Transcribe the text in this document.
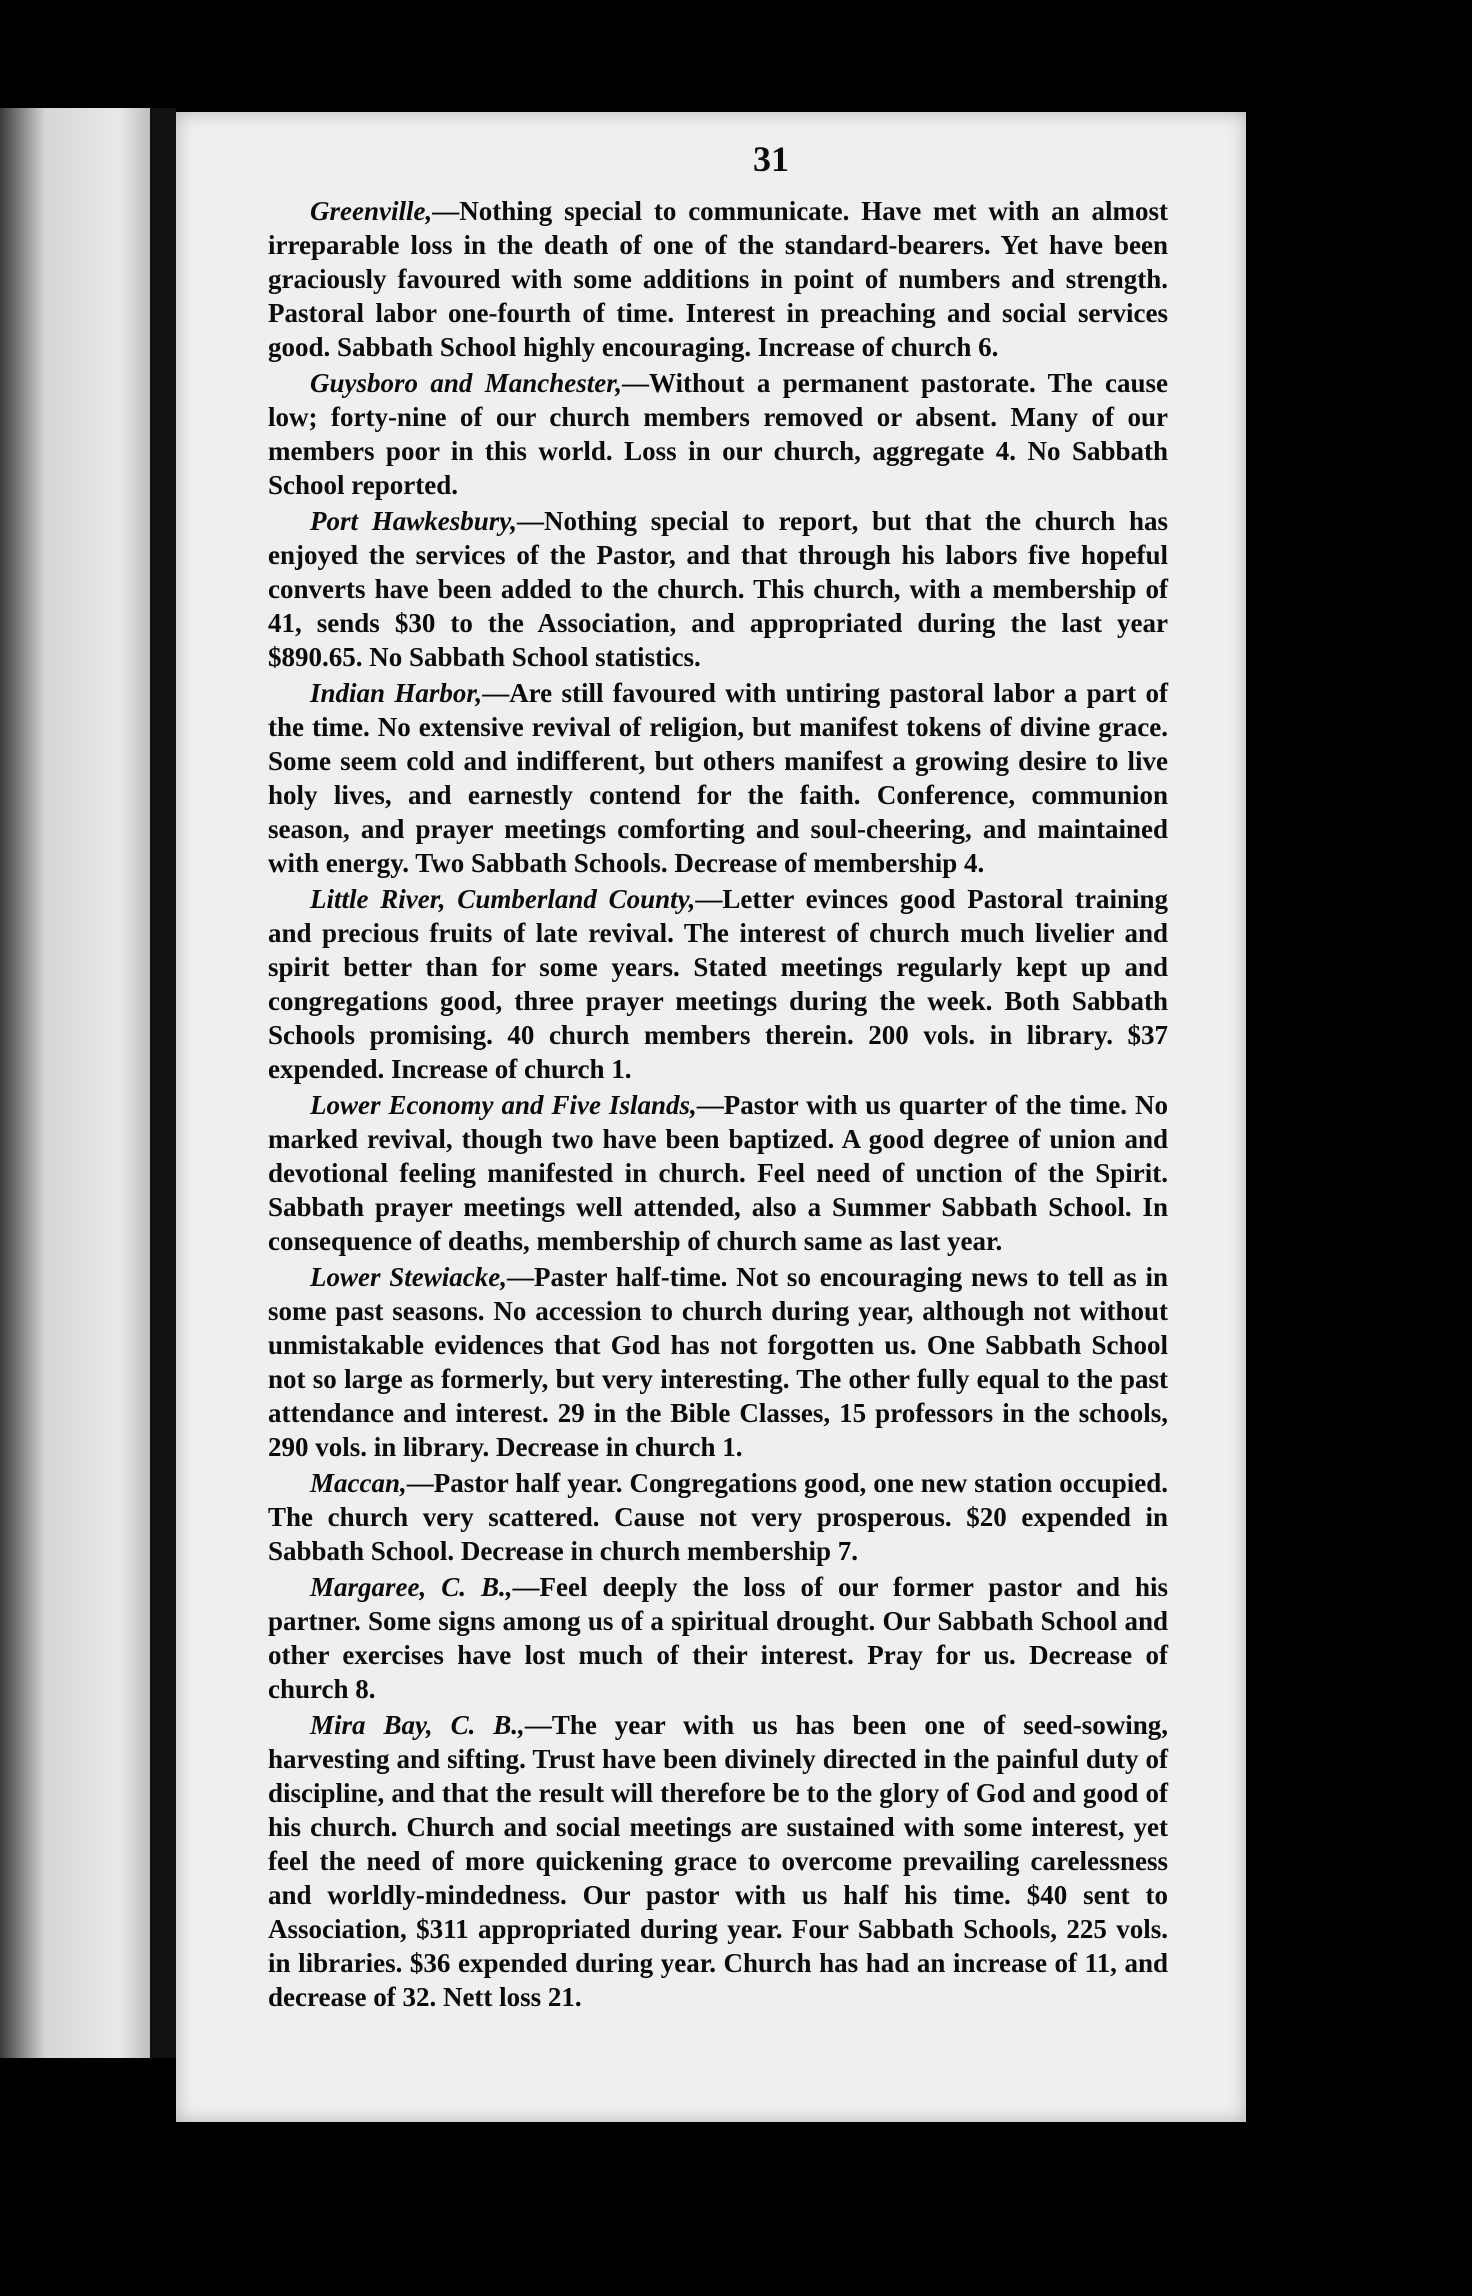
31

Greenville,—Nothing special to communicate. Have met with an almost irreparable loss in the death of one of the standard-bearers. Yet have been graciously favoured with some additions in point of numbers and strength. Pastoral labor one-fourth of time. Interest in preaching and social services good. Sabbath School highly encouraging. Increase of church 6.

Guysboro and Manchester,—Without a permanent pastorate. The cause low; forty-nine of our church members removed or absent. Many of our members poor in this world. Loss in our church, aggregate 4. No Sabbath School reported.

Port Hawkesbury,—Nothing special to report, but that the church has enjoyed the services of the Pastor, and that through his labors five hopeful converts have been added to the church. This church, with a membership of 41, sends $30 to the Association, and appropriated during the last year $890.65. No Sabbath School statistics.

Indian Harbor,—Are still favoured with untiring pastoral labor a part of the time. No extensive revival of religion, but manifest tokens of divine grace. Some seem cold and indifferent, but others manifest a growing desire to live holy lives, and earnestly contend for the faith. Conference, communion season, and prayer meetings comforting and soul-cheering, and maintained with energy. Two Sabbath Schools. Decrease of membership 4.

Little River, Cumberland County,—Letter evinces good Pastoral training and precious fruits of late revival. The interest of church much livelier and spirit better than for some years. Stated meetings regularly kept up and congregations good, three prayer meetings during the week. Both Sabbath Schools promising. 40 church members therein. 200 vols. in library. $37 expended. Increase of church 1.

Lower Economy and Five Islands,—Pastor with us quarter of the time. No marked revival, though two have been baptized. A good degree of union and devotional feeling manifested in church. Feel need of unction of the Spirit. Sabbath prayer meetings well attended, also a Summer Sabbath School. In consequence of deaths, membership of church same as last year.

Lower Stewiacke,—Paster half-time. Not so encouraging news to tell as in some past seasons. No accession to church during year, although not without unmistakable evidences that God has not forgotten us. One Sabbath School not so large as formerly, but very interesting. The other fully equal to the past attendance and interest. 29 in the Bible Classes, 15 professors in the schools, 290 vols. in library. Decrease in church 1.

Maccan,—Pastor half year. Congregations good, one new station occupied. The church very scattered. Cause not very prosperous. $20 expended in Sabbath School. Decrease in church membership 7.

Margaree, C. B.,—Feel deeply the loss of our former pastor and his partner. Some signs among us of a spiritual drought. Our Sabbath School and other exercises have lost much of their interest. Pray for us. Decrease of church 8.

Mira Bay, C. B.,—The year with us has been one of seed-sowing, harvesting and sifting. Trust have been divinely directed in the painful duty of discipline, and that the result will therefore be to the glory of God and good of his church. Church and social meetings are sustained with some interest, yet feel the need of more quickening grace to overcome prevailing carelessness and worldly-mindedness. Our pastor with us half his time. $40 sent to Association, $311 appropriated during year. Four Sabbath Schools, 225 vols. in libraries. $36 expended during year. Church has had an increase of 11, and decrease of 32. Nett loss 21.
